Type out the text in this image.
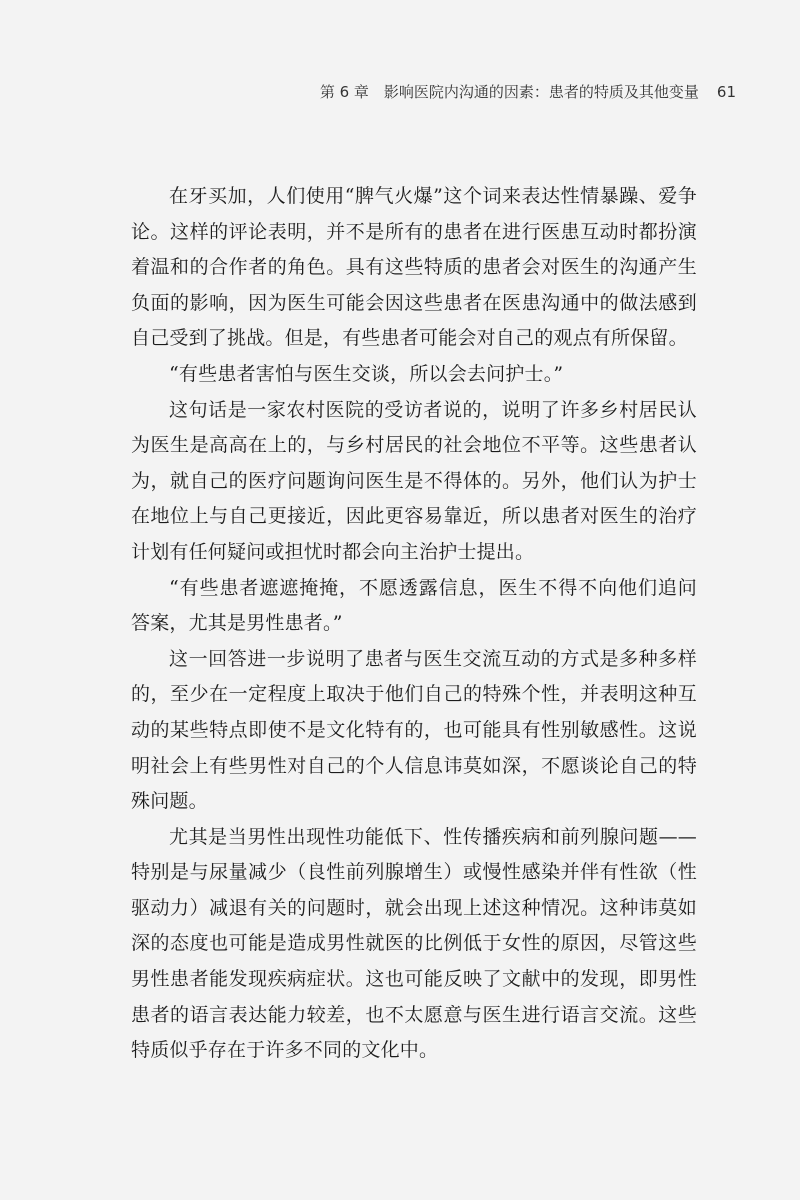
第 6 章　影响医院内沟通的因素：患者的特质及其他变量 61

在牙买加，人们使用“脾气火爆”这个词来表达性情暴躁、爱争论。这样的评论表明，并不是所有的患者在进行医患互动时都扮演着温和的合作者的角色。具有这些特质的患者会对医生的沟通产生负面的影响，因为医生可能会因这些患者在医患沟通中的做法感到自己受到了挑战。但是，有些患者可能会对自己的观点有所保留。

“有些患者害怕与医生交谈，所以会去问护士。”

这句话是一家农村医院的受访者说的，说明了许多乡村居民认为医生是高高在上的，与乡村居民的社会地位不平等。这些患者认为，就自己的医疗问题询问医生是不得体的。另外，他们认为护士在地位上与自己更接近，因此更容易靠近，所以患者对医生的治疗计划有任何疑问或担忧时都会向主治护士提出。

“有些患者遮遮掩掩，不愿透露信息，医生不得不向他们追问答案，尤其是男性患者。”

这一回答进一步说明了患者与医生交流互动的方式是多种多样的，至少在一定程度上取决于他们自己的特殊个性，并表明这种互动的某些特点即使不是文化特有的，也可能具有性别敏感性。这说明社会上有些男性对自己的个人信息讳莫如深，不愿谈论自己的特殊问题。

尤其是当男性出现性功能低下、性传播疾病和前列腺问题——特别是与尿量减少（良性前列腺增生）或慢性感染并伴有性欲（性驱动力）减退有关的问题时，就会出现上述这种情况。这种讳莫如深的态度也可能是造成男性就医的比例低于女性的原因，尽管这些男性患者能发现疾病症状。这也可能反映了文献中的发现，即男性患者的语言表达能力较差，也不太愿意与医生进行语言交流。这些特质似乎存在于许多不同的文化中。
